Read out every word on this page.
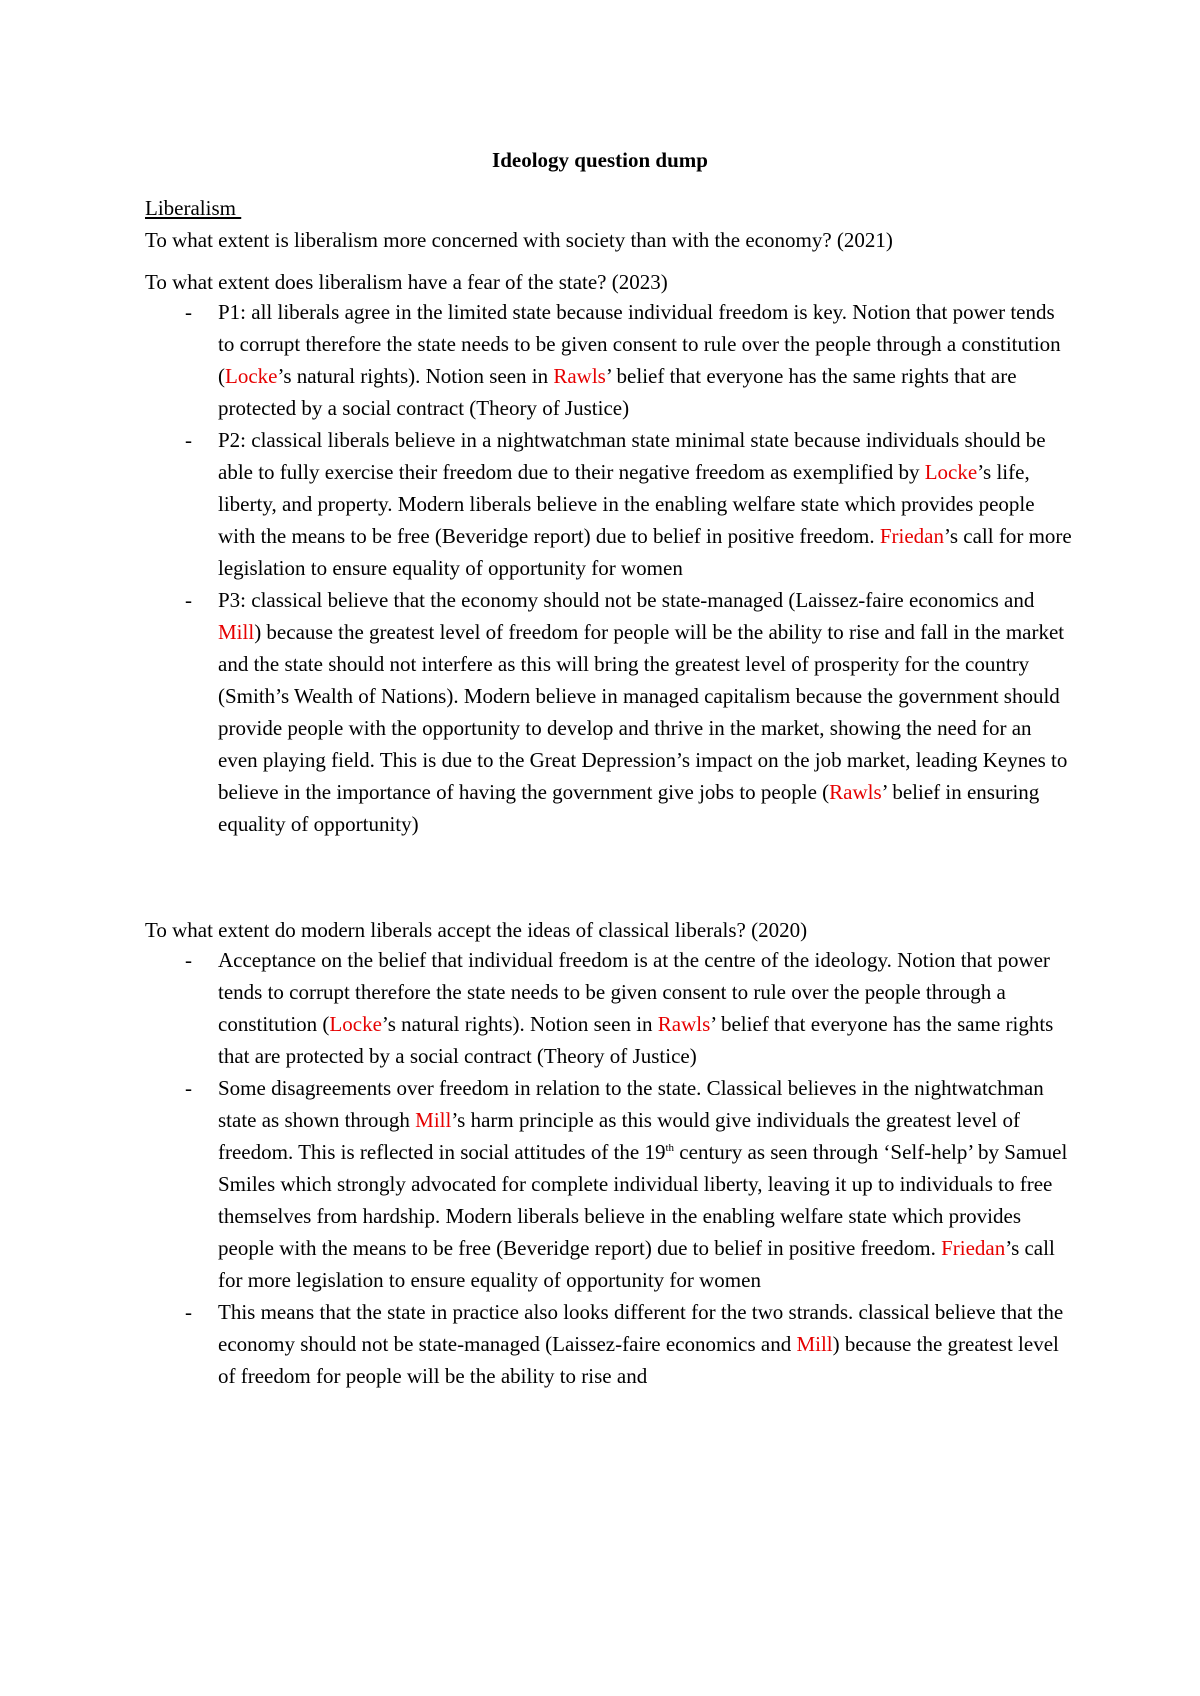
Ideology question dump
Liberalism
To what extent is liberalism more concerned with society than with the economy? (2021)
To what extent does liberalism have a fear of the state? (2023)
- P1: all liberals agree in the limited state because individual freedom is key. Notion that power tends to corrupt therefore the state needs to be given consent to rule over the people through a constitution (Locke’s natural rights). Notion seen in Rawls’ belief that everyone has the same rights that are protected by a social contract (Theory of Justice)
- P2: classical liberals believe in a nightwatchman state minimal state because individuals should be able to fully exercise their freedom due to their negative freedom as exemplified by Locke’s life, liberty, and property. Modern liberals believe in the enabling welfare state which provides people with the means to be free (Beveridge report) due to belief in positive freedom. Friedan’s call for more legislation to ensure equality of opportunity for women
- P3: classical believe that the economy should not be state-managed (Laissez-faire economics and Mill) because the greatest level of freedom for people will be the ability to rise and fall in the market and the state should not interfere as this will bring the greatest level of prosperity for the country (Smith’s Wealth of Nations). Modern believe in managed capitalism because the government should provide people with the opportunity to develop and thrive in the market, showing the need for an even playing field. This is due to the Great Depression’s impact on the job market, leading Keynes to believe in the importance of having the government give jobs to people (Rawls’ belief in ensuring equality of opportunity)
To what extent do modern liberals accept the ideas of classical liberals? (2020)
- Acceptance on the belief that individual freedom is at the centre of the ideology. Notion that power tends to corrupt therefore the state needs to be given consent to rule over the people through a constitution (Locke’s natural rights). Notion seen in Rawls’ belief that everyone has the same rights that are protected by a social contract (Theory of Justice)
- Some disagreements over freedom in relation to the state. Classical believes in the nightwatchman state as shown through Mill’s harm principle as this would give individuals the greatest level of freedom. This is reflected in social attitudes of the 19th century as seen through ‘Self-help’ by Samuel Smiles which strongly advocated for complete individual liberty, leaving it up to individuals to free themselves from hardship. Modern liberals believe in the enabling welfare state which provides people with the means to be free (Beveridge report) due to belief in positive freedom. Friedan’s call for more legislation to ensure equality of opportunity for women
- This means that the state in practice also looks different for the two strands. classical believe that the economy should not be state-managed (Laissez-faire economics and Mill) because the greatest level of freedom for people will be the ability to rise and
